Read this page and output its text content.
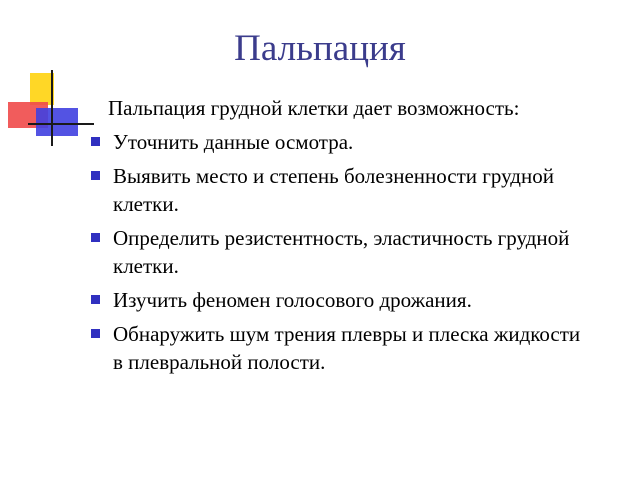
Пальпация
Пальпация грудной клетки дает возможность:
Уточнить данные осмотра.
Выявить место и степень болезненности грудной клетки.
Определить резистентность, эластичность грудной клетки.
Изучить феномен голосового дрожания.
Обнаружить шум трения плевры и плеска жидкости в плевральной полости.
